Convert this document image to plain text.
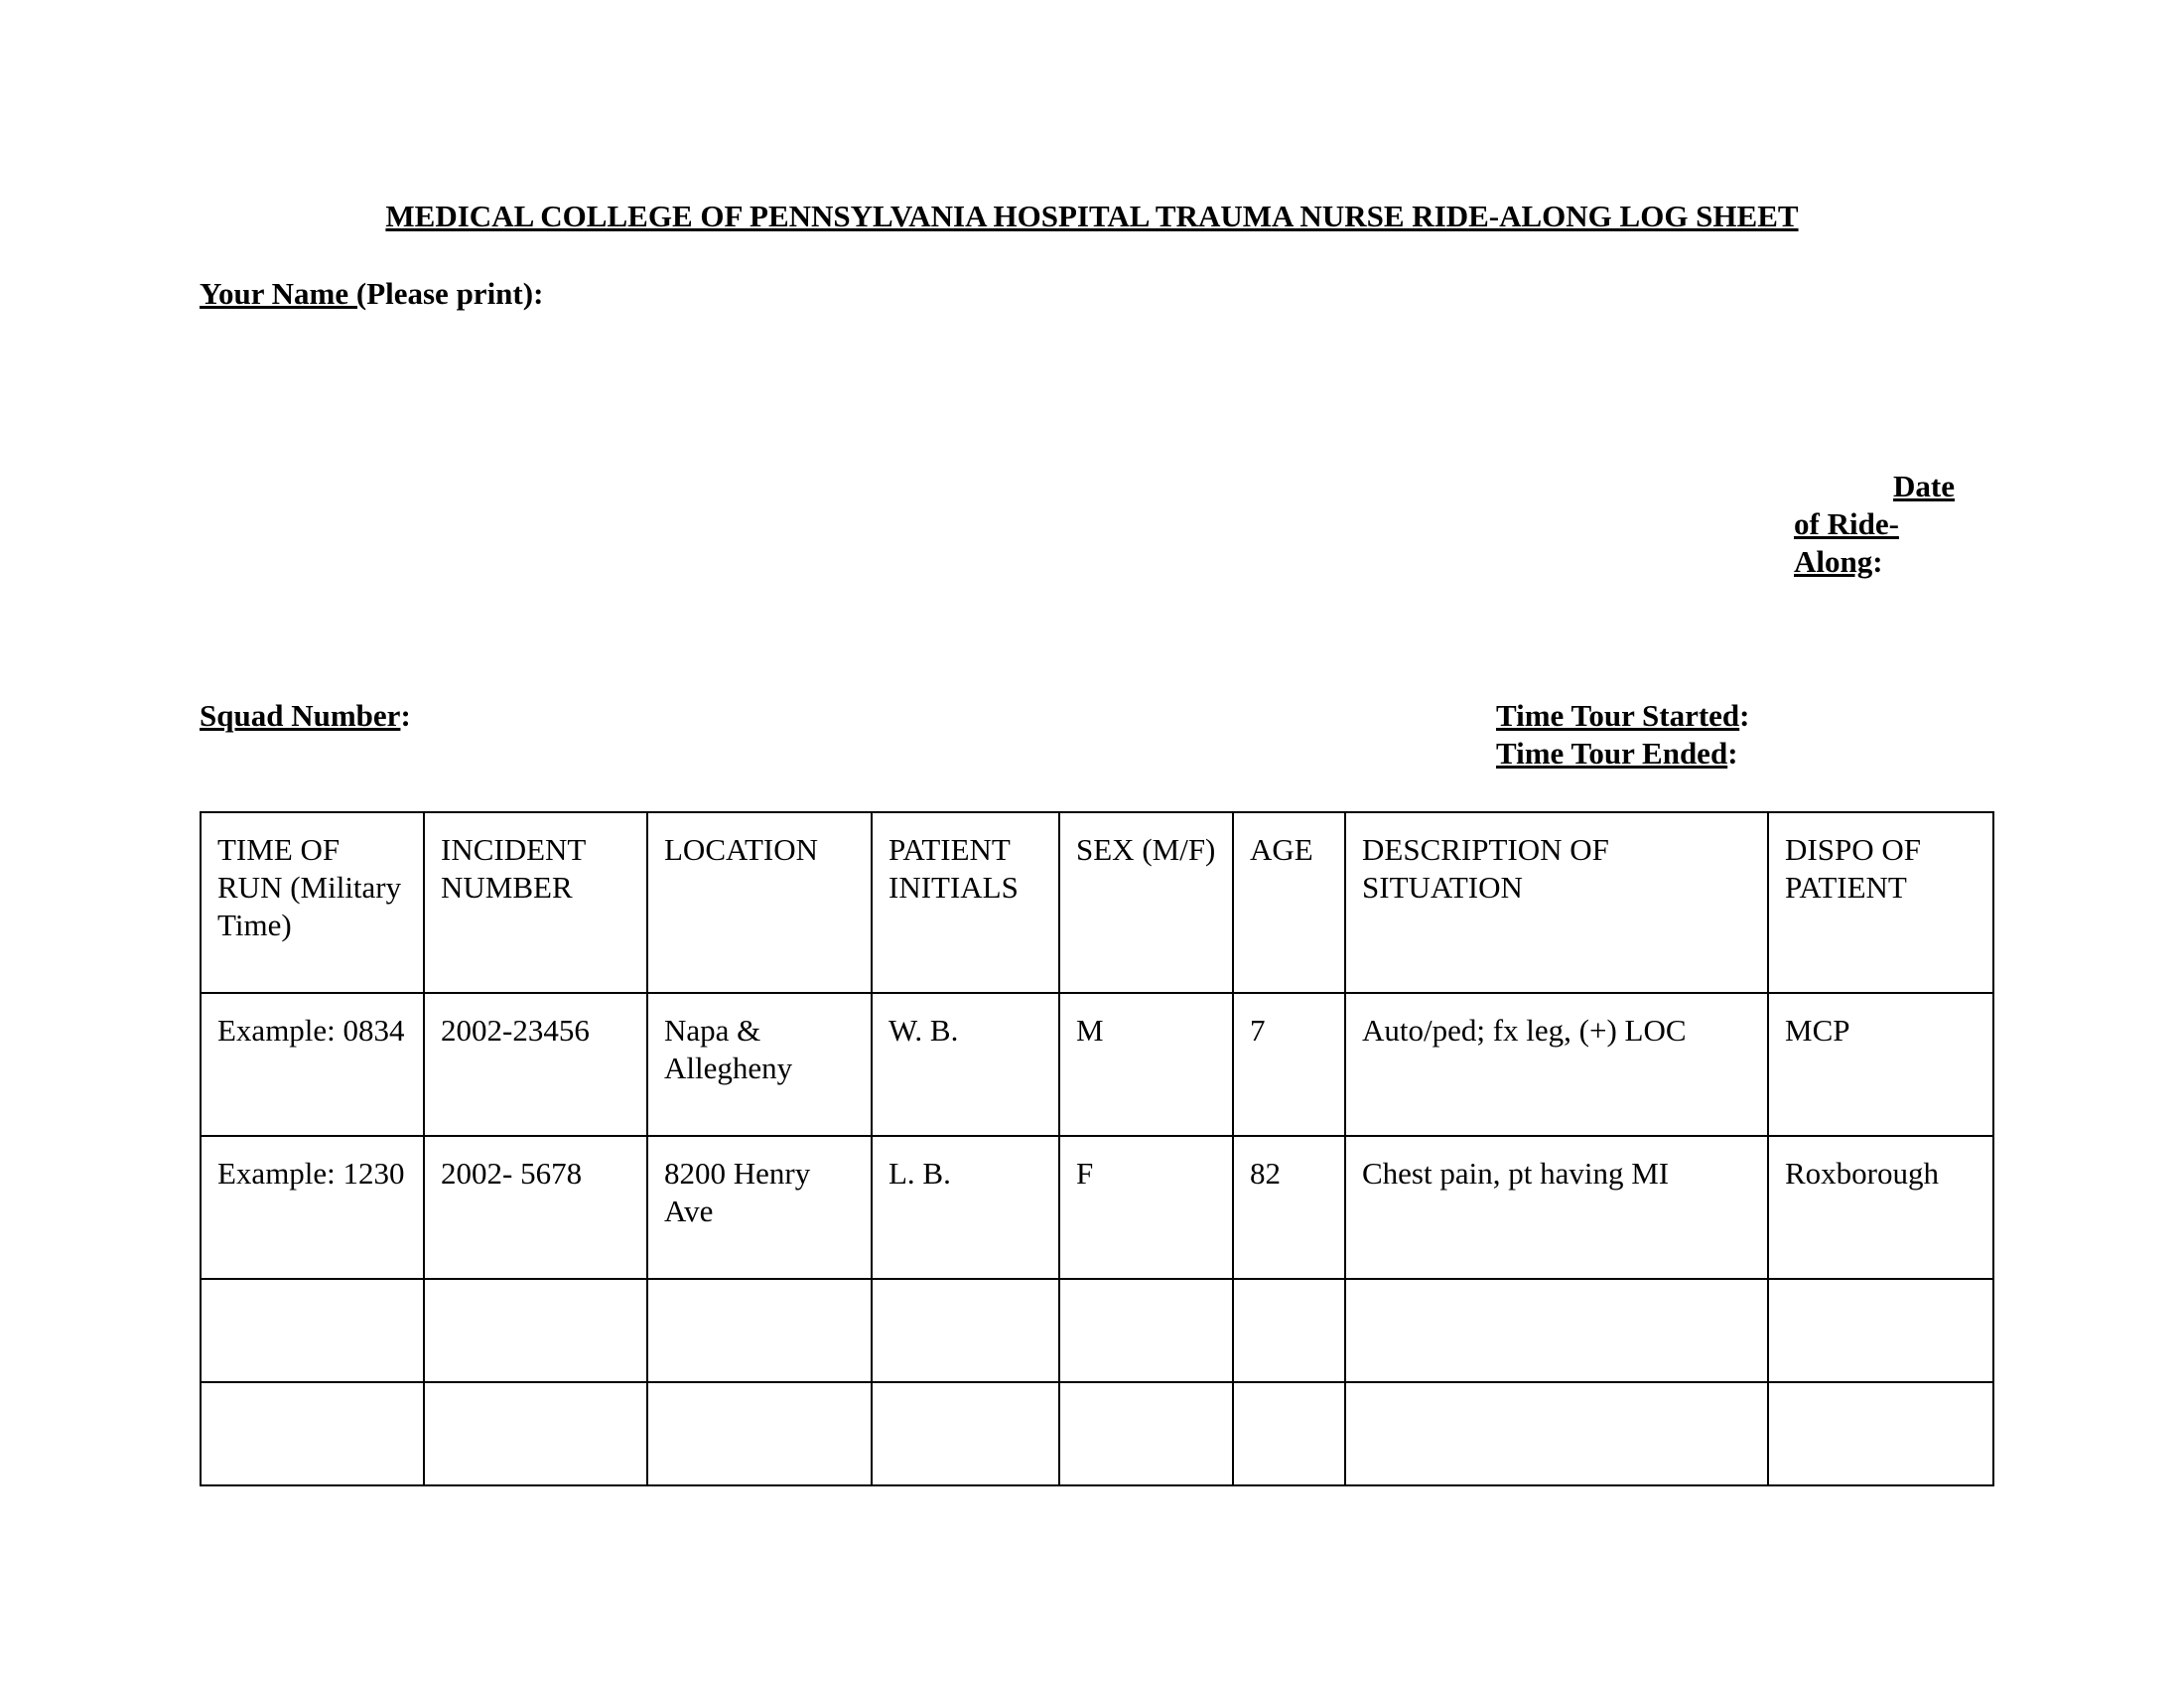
MEDICAL COLLEGE OF PENNSYLVANIA HOSPITAL TRAUMA NURSE RIDE-ALONG LOG SHEET
Your Name (Please print):
Date
of Ride-
Along:
Squad Number:	Time Tour Started:
Time Tour Ended:
TIME OF RUN (Military Time)	INCIDENT NUMBER	LOCATION	PATIENT INITIALS	SEX (M/F)	AGE	DESCRIPTION OF SITUATION	DISPO OF PATIENT
Example: 0834	2002-23456	Napa & Allegheny	W. B.	M	7	Auto/ped; fx leg, (+) LOC	MCP
Example: 1230	2002- 5678	8200 Henry Ave	L. B.	F	82	Chest pain, pt having MI	Roxborough
